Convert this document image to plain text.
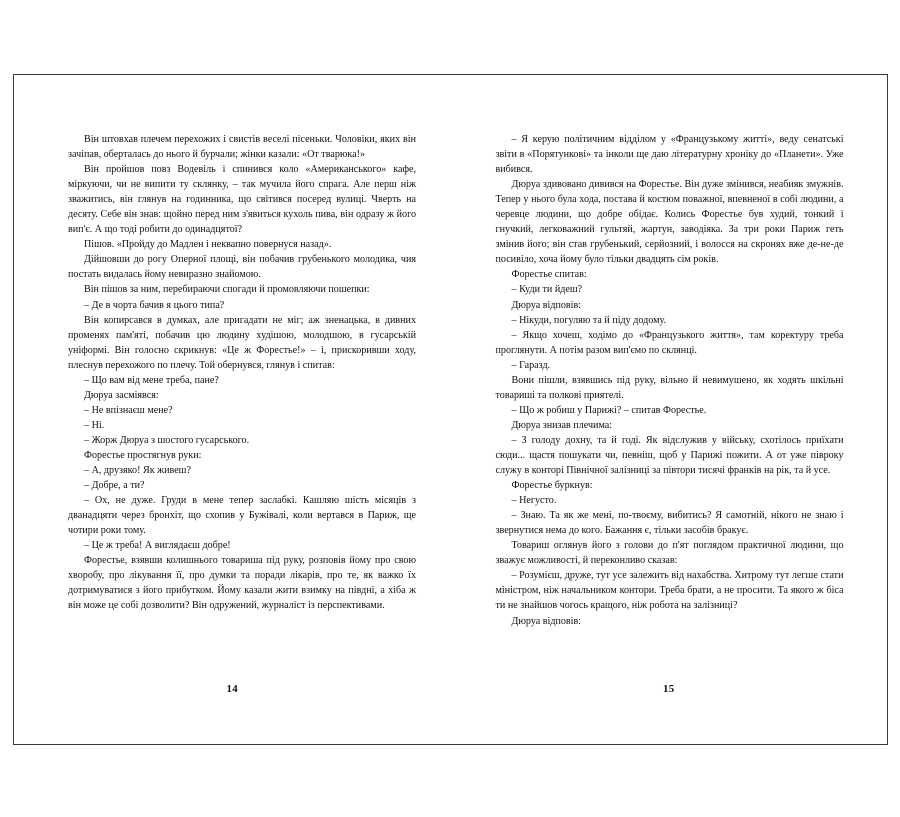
Він штовхав плечем перехожих і свистів веселі пісеньки. Чоловіки, яких він зачіпав, оберталась до нього й бурчали; жінки казали: «От тварюка!»

Він пройшов повз Водевіль і спинився коло «Американського» кафе, міркуючи, чи не випити ту склянку, – так мучила його спрага. Але перш ніж зважитись, він глянув на годинника, що світився посеред вулиці. Чверть на десяту. Себе він знав: щойно перед ним з'явиться кухоль пива, він одразу ж його вип'є. А що тоді робити до одинадцятої?

Пішов. «Пройду до Мадлен і неквапно повернуся назад».

Дійшовши до рогу Оперної площі, він побачив грубенького молодика, чия постать видалась йому невиразно знайомою.

Він пішов за ним, перебираючи спогади й промовляючи пошепки:

– Де в чорта бачив я цього типа?

Він копирсався в думках, але пригадати не міг; аж зненацька, в дивних променях пам'яті, побачив цю людину худішою, молодшою, в гусарській уніформі. Він голосно скрикнув: «Це ж Форестье!» – і, прискоривши ходу, плеснув перехожого по плечу. Той обернувся, глянув і спитав:

– Що вам від мене треба, пане?

Дюруа засміявся:

– Не впізнаєш мене?

– Ні.

– Жорж Дюруа з шостого гусарського.

Форестье простягнув руки:

– А, друзяко! Як живеш?

– Добре, а ти?

– Ох, не дуже. Груди в мене тепер заслабкі. Кашляю шість місяців з дванадцяти через бронхіт, що схопив у Бужівалі, коли вертався в Париж, ще чотири роки тому.

– Це ж треба! А виглядаєш добре!

Форестье, взявши колишнього товариша під руку, розповів йому про свою хворобу, про лікування її, про думки та поради лікарів, про те, як важко їх дотримуватися з його прибутком. Йому казали жити взимку на півдні, а хіба ж він може це собі дозволити? Він одружений, журналіст із перспективами.

14

– Я керую політичним відділом у «Французькому житті», веду сенатські звіти в «Порятункові» та інколи ще даю літературну хроніку до «Планети». Уже вибився.

Дюруа здивовано дивився на Форестье. Він дуже змінився, неабияк змужнів. Тепер у нього була хода, постава й костюм поважної, впевненої в собі людини, а черевце людини, що добре обідає. Колись Форестье був худий, тонкий і гнучкий, легковажний гультяй, жартун, заводіяка. За три роки Париж геть змінив його; він став грубенький, серйозний, і волосся на скронях вже де-не-де посивіло, хоча йому було тільки двадцять сім років.

Форестье спитав:

– Куди ти йдеш?

Дюруа відповів:

– Нікуди, погуляю та й піду додому.

– Якщо хочеш, ходімо до «Французького життя», там коректуру треба проглянути. А потім разом вип'ємо по склянці.

– Гаразд.

Вони пішли, взявшись під руку, вільно й невимушено, як ходять шкільні товариші та полкові приятелі.

– Що ж робиш у Парижі? – спитав Форестье.

Дюруа знизав плечима:

– З голоду дохну, та й годі. Як відслужив у війську, схотілось приїхати сюди... щастя пошукати чи, певніш, щоб у Парижі пожити. А от уже півроку служу в конторі Північної залізниці за півтори тисячі франків на рік, та й усе.

Форестье буркнув:

– Негусто.

– Знаю. Та як же мені, по-твоєму, вибитись? Я самотній, нікого не знаю і звернутися нема до кого. Бажання є, тільки засобів бракує.

Товариш оглянув його з голови до п'ят поглядом практичної людини, що зважує можливості, й переконливо сказав:

– Розумієш, друже, тут усе залежить від нахабства. Хитрому тут легше стати міністром, ніж начальником контори. Треба брати, а не просити. Та якого ж біса ти не знайшов чогось кращого, ніж робота на залізниці?

Дюруа відповів:

15
